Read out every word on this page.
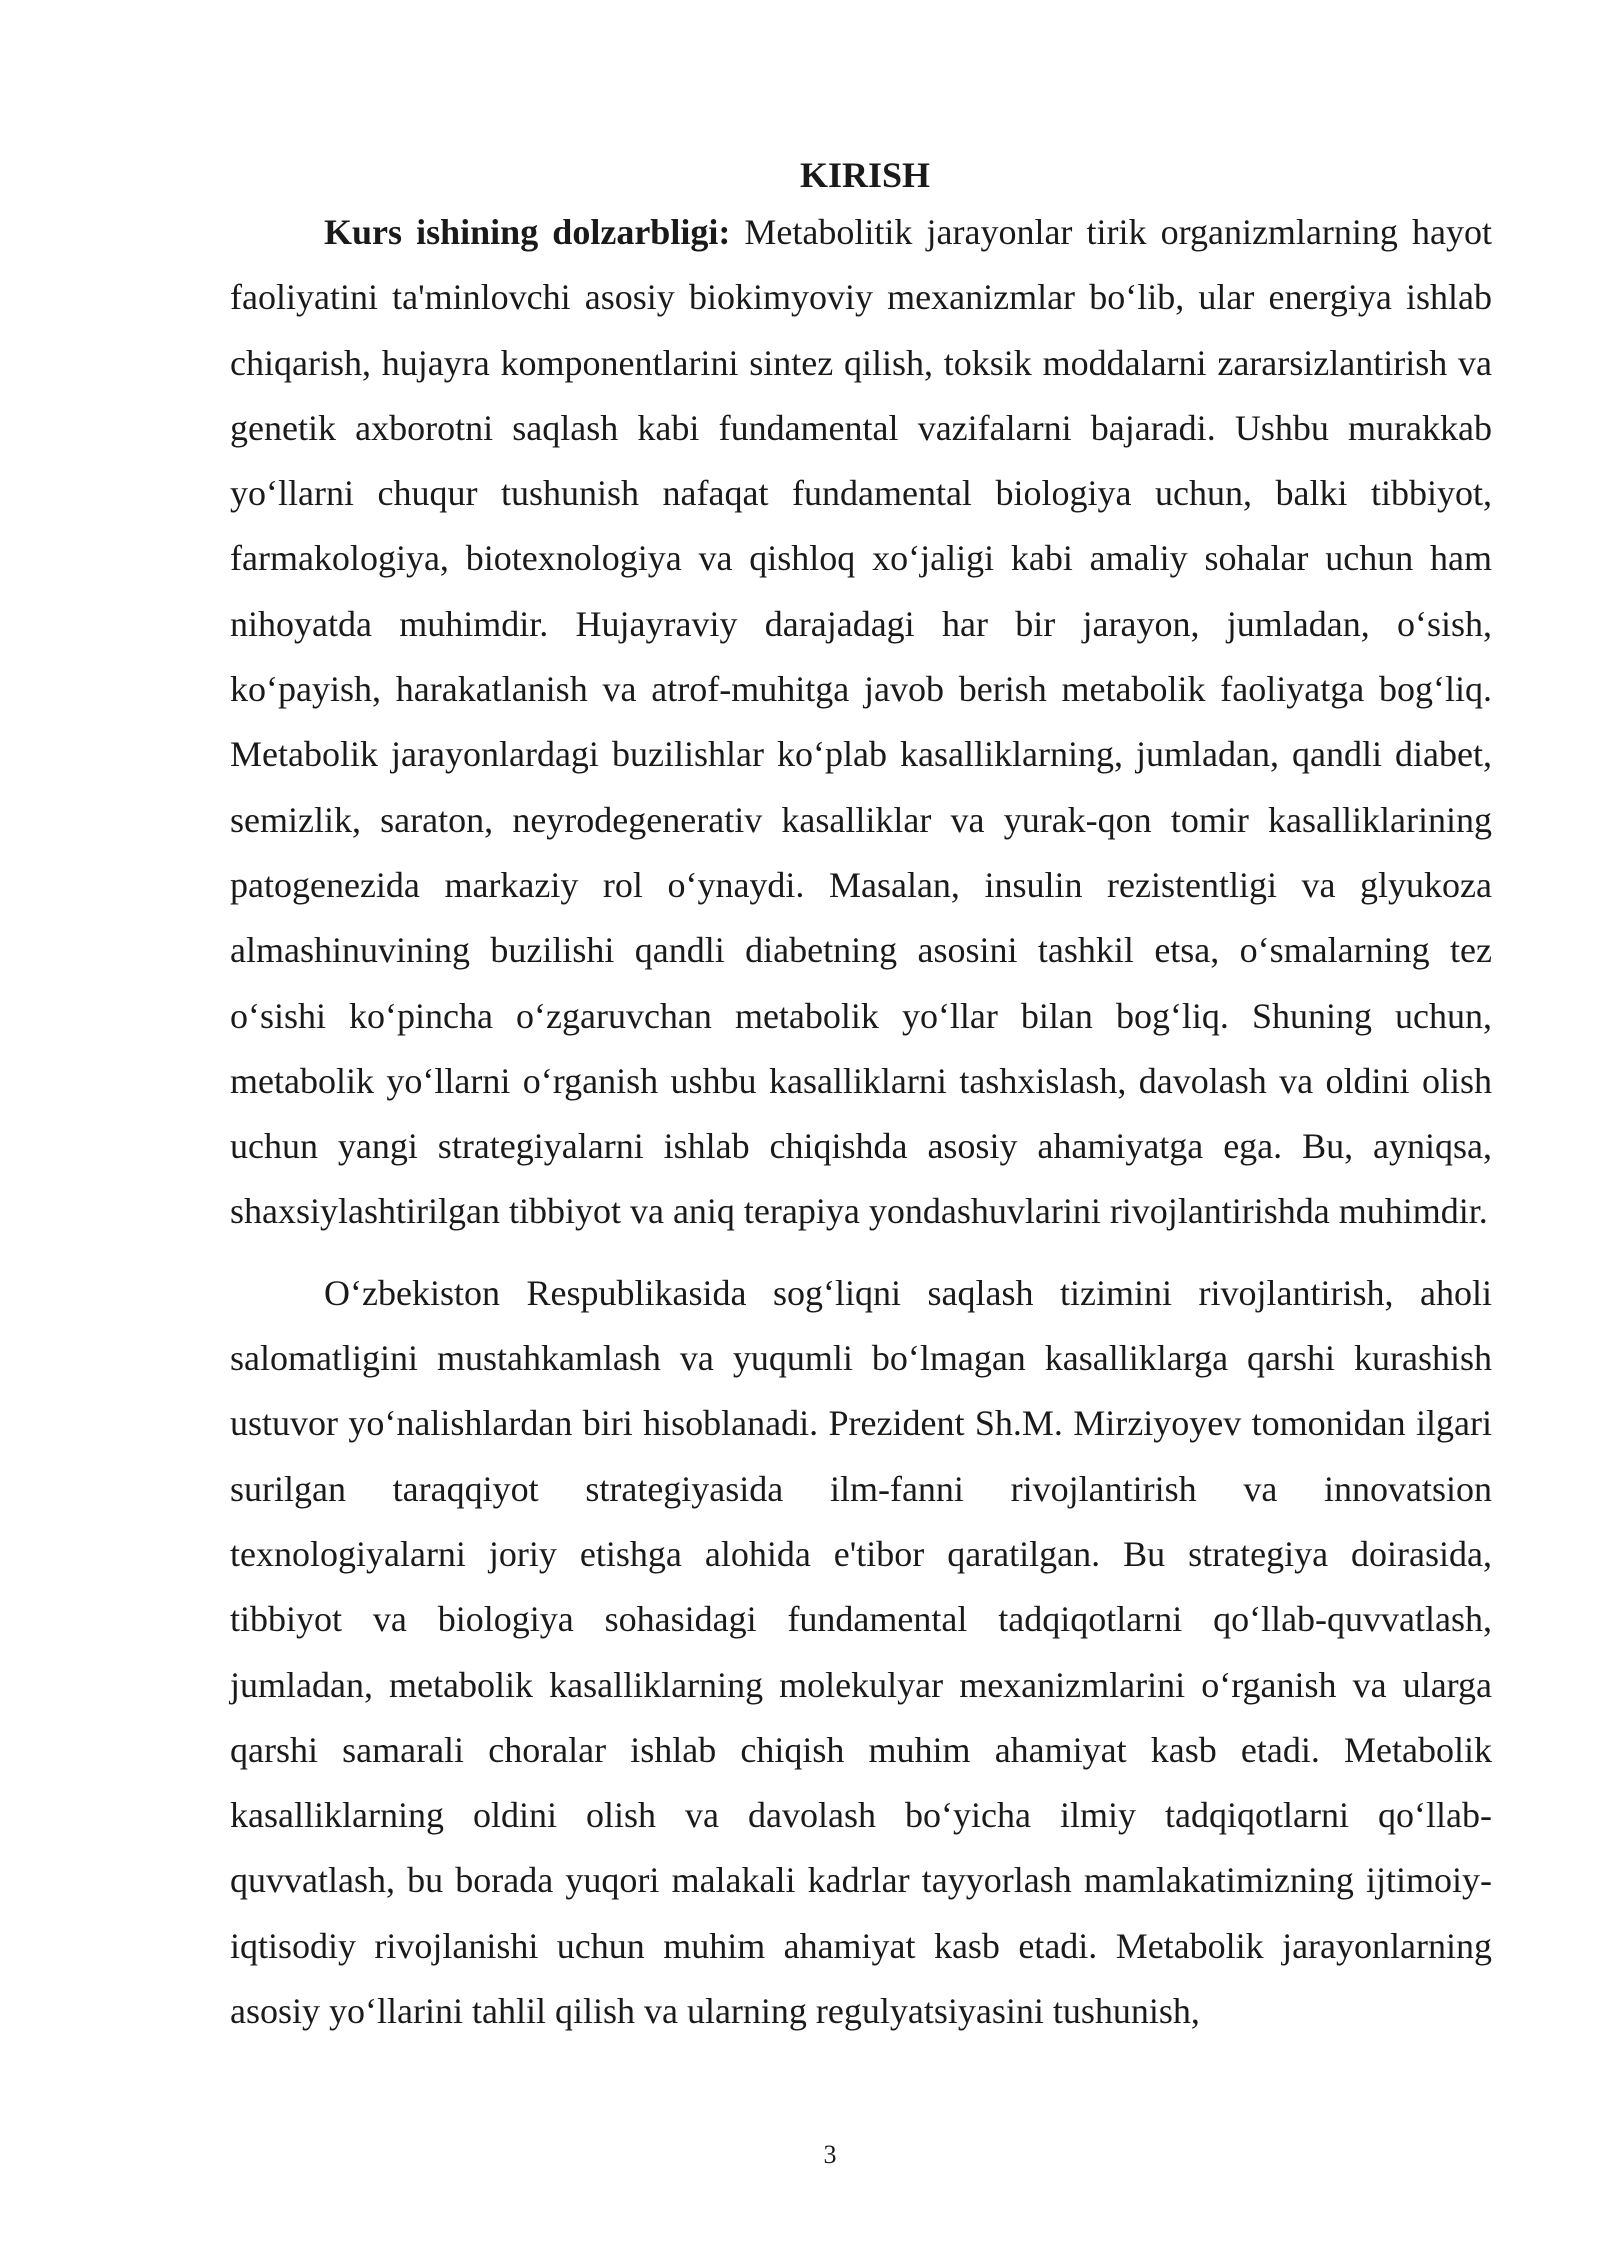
KIRISH

Kurs ishining dolzarbligi: Metabolitik jarayonlar tirik organizmlarning hayot faoliyatini ta'minlovchi asosiy biokimyoviy mexanizmlar bo‘lib, ular energiya ishlab chiqarish, hujayra komponentlarini sintez qilish, toksik moddalarni zararsizlantirish va genetik axborotni saqlash kabi fundamental vazifalarni bajaradi. Ushbu murakkab yo‘llarni chuqur tushunish nafaqat fundamental biologiya uchun, balki tibbiyot, farmakologiya, biotexnologiya va qishloq xo‘jaligi kabi amaliy sohalar uchun ham nihoyatda muhimdir. Hujayraviy darajadagi har bir jarayon, jumladan, o‘sish, ko‘payish, harakatlanish va atrof-muhitga javob berish metabolik faoliyatga bog‘liq. Metabolik jarayonlardagi buzilishlar ko‘plab kasalliklarning, jumladan, qandli diabet, semizlik, saraton, neyrodegenerativ kasalliklar va yurak-qon tomir kasalliklarining patogenezida markaziy rol o‘ynaydi. Masalan, insulin rezistentligi va glyukoza almashinuvining buzilishi qandli diabetning asosini tashkil etsa, o‘smalarning tez o‘sishi ko‘pincha o‘zgaruvchan metabolik yo‘llar bilan bog‘liq. Shuning uchun, metabolik yo‘llarni o‘rganish ushbu kasalliklarni tashxislash, davolash va oldini olish uchun yangi strategiyalarni ishlab chiqishda asosiy ahamiyatga ega. Bu, ayniqsa, shaxsiylashtirilgan tibbiyot va aniq terapiya yondashuvlarini rivojlantirishda muhimdir.

O‘zbekiston Respublikasida sog‘liqni saqlash tizimini rivojlantirish, aholi salomatligini mustahkamlash va yuqumli bo‘lmagan kasalliklarga qarshi kurashish ustuvor yo‘nalishlardan biri hisoblanadi. Prezident Sh.M. Mirziyoyev tomonidan ilgari surilgan taraqqiyot strategiyasida ilm-fanni rivojlantirish va innovatsion texnologiyalarni joriy etishga alohida e'tibor qaratilgan. Bu strategiya doirasida, tibbiyot va biologiya sohasidagi fundamental tadqiqotlarni qo‘llab-quvvatlash, jumladan, metabolik kasalliklarning molekulyar mexanizmlarini o‘rganish va ularga qarshi samarali choralar ishlab chiqish muhim ahamiyat kasb etadi. Metabolik kasalliklarning oldini olish va davolash bo‘yicha ilmiy tadqiqotlarni qo‘llab-quvvatlash, bu borada yuqori malakali kadrlar tayyorlash mamlakatimizning ijtimoiy-iqtisodiy rivojlanishi uchun muhim ahamiyat kasb etadi. Metabolik jarayonlarning asosiy yo‘llarini tahlil qilish va ularning regulyatsiyasini tushunish,

3
